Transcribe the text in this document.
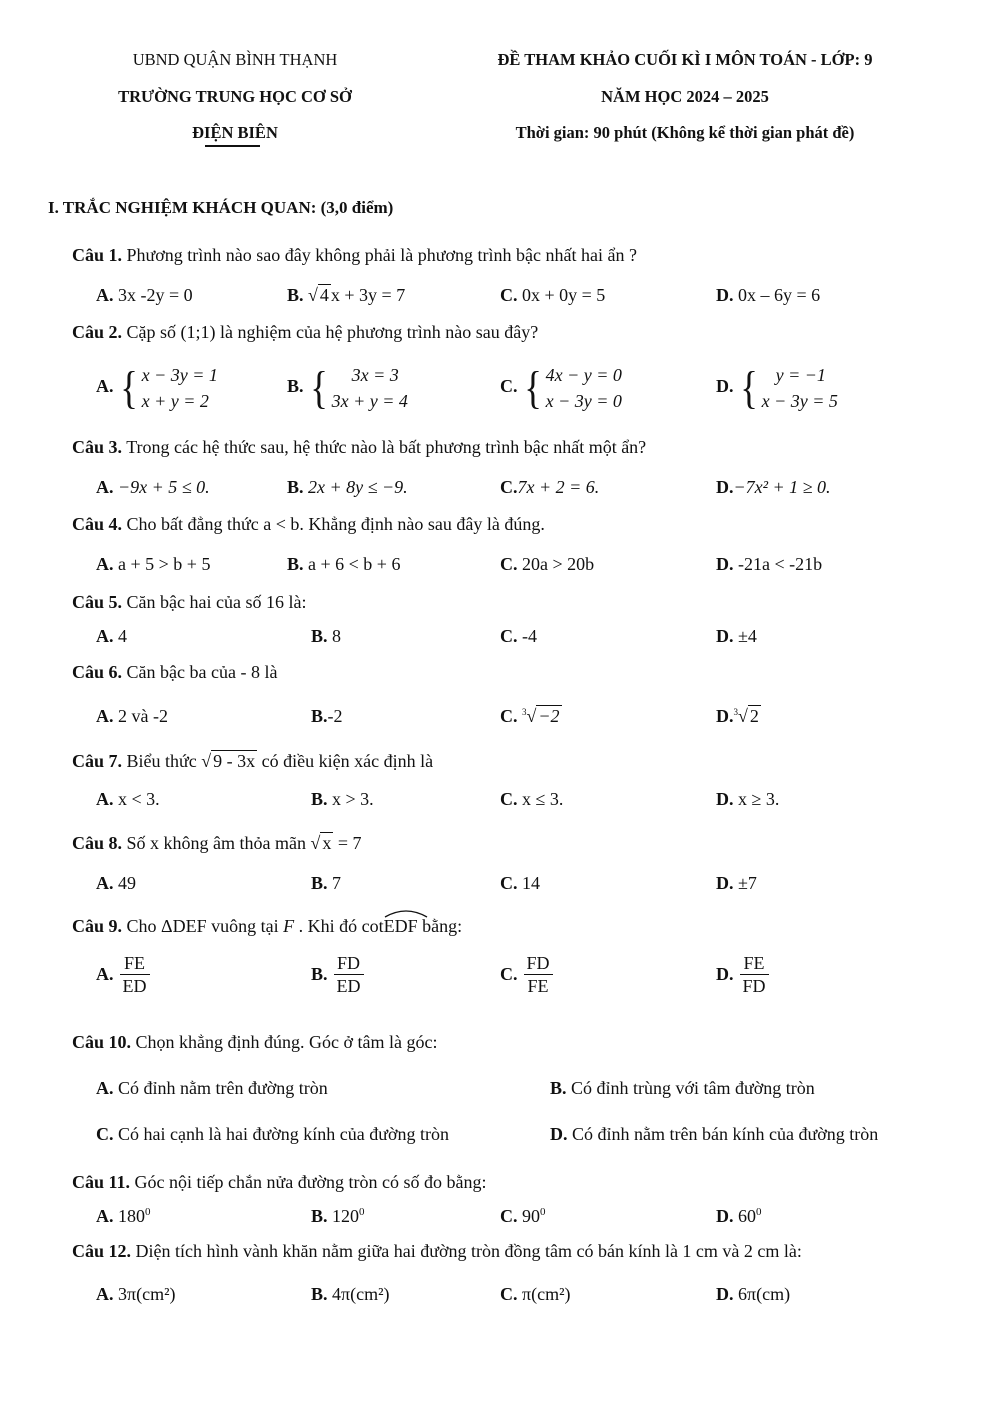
UBND QUẬN BÌNH THẠNH
TRƯỜNG TRUNG HỌC CƠ SỞ
ĐIỆN BIÊN
ĐỀ THAM KHẢO CUỐI KÌ I MÔN TOÁN - LỚP: 9
NĂM HỌC 2024 – 2025
Thời gian: 90 phút (Không kể thời gian phát đề)
I. TRẮC NGHIỆM KHÁCH QUAN: (3,0 điểm)
Câu 1. Phương trình nào sao đây không phải là phương trình bậc nhất hai ẩn ?
A. 3x -2y = 0	B. √ 4 x + 3y = 7	C. 0x + 0y = 5	D. 0x – 6y = 6
Câu 2. Cặp số (1;1) là nghiệm của hệ phương trình nào sau đây?
A. { x − 3y = 1
x + y = 2
B. {	3x = 3
3x + y = 4
C. { 4x − y = 0
x − 3y = 0
D. {	y = −1
x − 3y = 5
Câu 3. Trong các hệ thức sau, hệ thức nào là bất phương trình bậc nhất một ẩn?
A. −9x + 5 ≤ 0.	B. 2x + 8y ≤ −9.	C.7x + 2 = 6.	D.−7x² + 1 ≥ 0.
Câu 4. Cho bất đẳng thức a < b. Khẳng định nào sau đây là đúng.
A. a + 5 > b + 5	B. a + 6 < b + 6	C. 20a > 20b	D. -21a < -21b
Câu 5. Căn bậc hai của số 16 là:
A. 4	B. 8	C. -4	D. ±4
Câu 6. Căn bậc ba của - 8 là
A. 2 và -2	B.-2	C. $^3$√ −2	D.$^3$√ 2
Câu 7. Biểu thức √ 9 - 3x có điều kiện xác định là
A. x < 3.	B. x > 3.	C. x ≤ 3.	D. x ≥ 3.
Câu 8. Số x không âm thỏa mãn √ x = 7
A. 49	B. 7	C. 14	D. ±7
Câu 9. Cho ΔDEF vuông tại F . Khi đó cot
EDF bằng:
A. $\frac{FE}{ED}$	B. $\frac{FD}{ED}$	C. $\frac{FD}{FE}$	D. $\frac{FE}{FD}$
Câu 10. Chọn khẳng định đúng. Góc ở tâm là góc:
A. Có đỉnh nằm trên đường tròn	B. Có đỉnh trùng với tâm đường tròn
C. Có hai cạnh là hai đường kính của đường tròn	D. Có đỉnh nằm trên bán kính của đường tròn
Câu 11. Góc nội tiếp chắn nửa đường tròn có số đo bằng:
A. $180^0$	B. $120^0$	C. $90^0$	D. $60^0$
Câu 12. Diện tích hình vành khăn nằm giữa hai đường tròn đồng tâm có bán kính là 1 cm và 2 cm là:
A. 3π(cm²)	B. 4π(cm²)	C. π(cm²)	D. 6π(cm)
